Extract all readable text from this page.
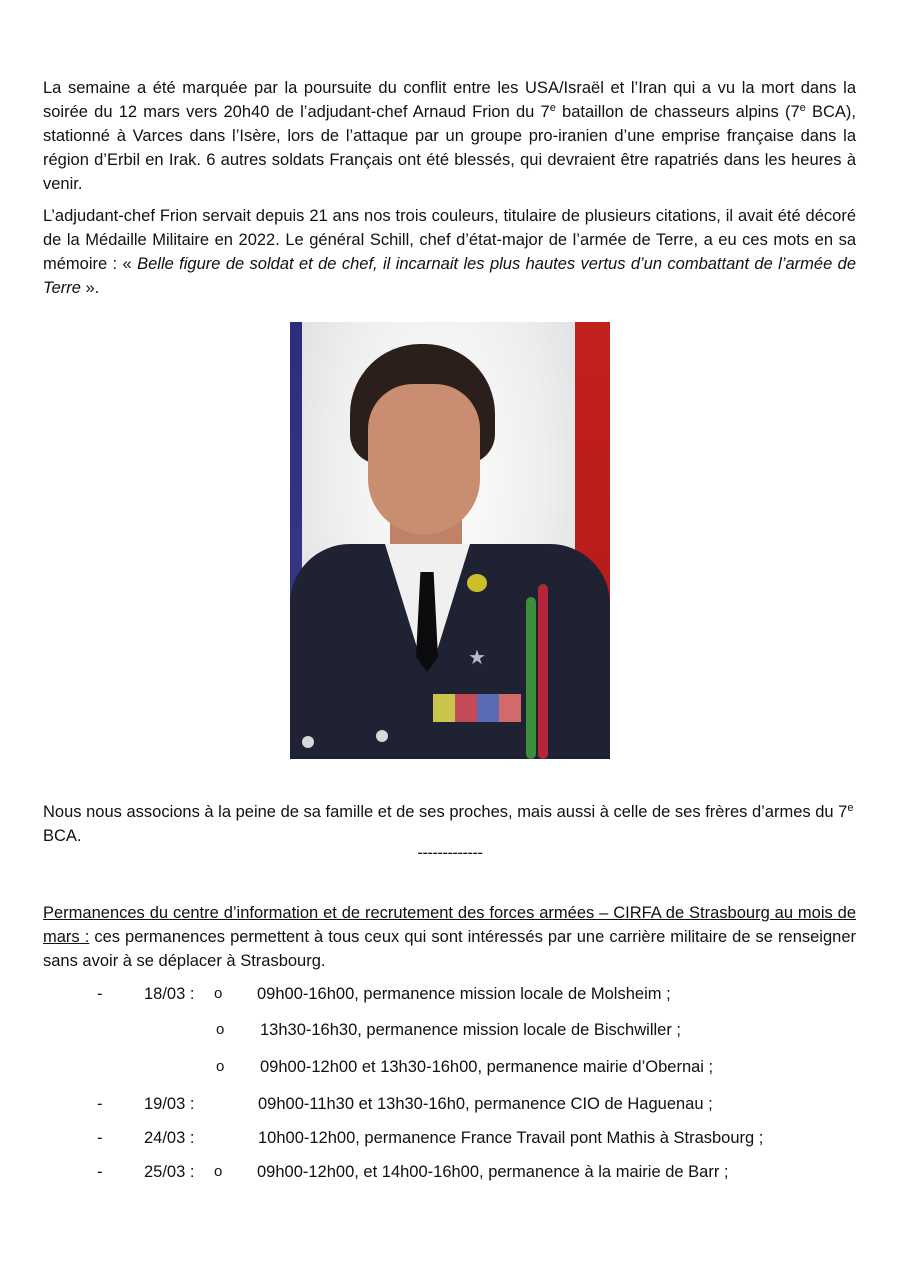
La semaine a été marquée par la poursuite du conflit entre les USA/Israël et l’Iran qui a vu la mort dans la soirée du 12 mars vers 20h40 de l’adjudant-chef Arnaud Frion du 7e bataillon de chasseurs alpins (7e BCA), stationné à Varces dans l’Isère, lors de l’attaque par un groupe pro-iranien d’une emprise française dans la région d’Erbil en Irak. 6 autres soldats Français ont été blessés, qui devraient être rapatriés dans les heures à venir.

L’adjudant-chef Frion servait depuis 21 ans nos trois couleurs, titulaire de plusieurs citations, il avait été décoré de la Médaille Militaire en 2022. Le général Schill, chef d’état-major de l’armée de Terre, a eu ces mots en sa mémoire : « Belle figure de soldat et de chef, il incarnait les plus hautes vertus d’un combattant de l’armée de Terre ».

★
Nous nous associons à la peine de sa famille et de ses proches, mais aussi à celle de ses frères d’armes du 7e BCA.
-------------

Permanences du centre d’information et de recrutement des forces armées – CIRFA de Strasbourg au mois de mars : ces permanences permettent à tous ceux qui sont intéressés par une carrière militaire de se renseigner sans avoir à se déplacer à Strasbourg.

-	18/03 : o 09h00-16h00, permanence mission locale de Molsheim ;
o 13h30-16h30, permanence mission locale de Bischwiller ;
o 09h00-12h00 et 13h30-16h00, permanence mairie d’Obernai ;
-	19/03 :	09h00-11h30 et 13h30-16h0, permanence CIO de Haguenau ;
-	24/03 :	10h00-12h00, permanence France Travail pont Mathis à Strasbourg ;
-	25/03 : o 09h00-12h00, et 14h00-16h00, permanence à la mairie de Barr ;
